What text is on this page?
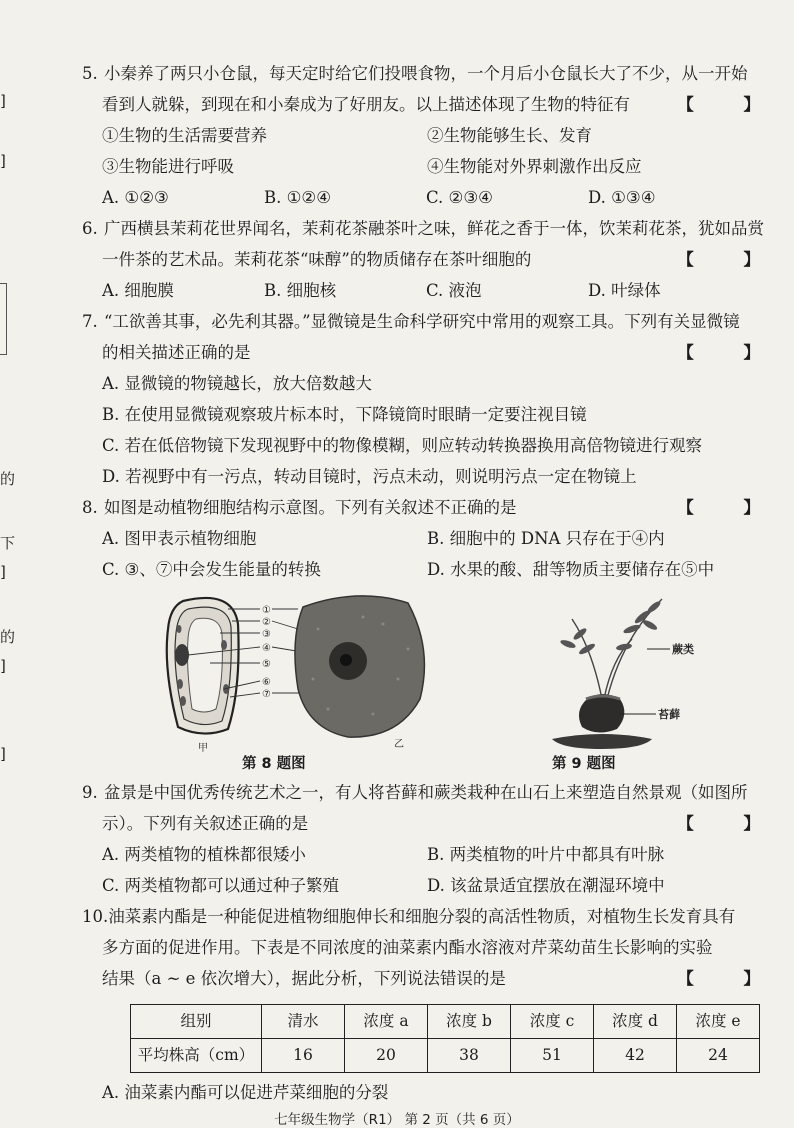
]
]
的
下
]
的
]
]
5. 小秦养了两只小仓鼠，每天定时给它们投喂食物，一个月后小仓鼠长大了不少，从一开始
看到人就躲，到现在和小秦成为了好朋友。以上描述体现了生物的特征有	【 】
①生物的生活需要营养	②生物能够生长、发育
③生物能进行呼吸	④生物能对外界刺激作出反应
A. ①②③	B. ①②④	C. ②③④	D. ①③④
6. 广西横县茉莉花世界闻名，茉莉花茶融茶叶之味，鲜花之香于一体，饮茉莉花茶，犹如品赏
一件茶的艺术品。茉莉花茶“味醇”的物质储存在茶叶细胞的	【 】
A. 细胞膜	B. 细胞核	C. 液泡	D. 叶绿体
7. “工欲善其事，必先利其器。”显微镜是生命科学研究中常用的观察工具。下列有关显微镜
的相关描述正确的是	【 】
A. 显微镜的物镜越长，放大倍数越大
B. 在使用显微镜观察玻片标本时，下降镜筒时眼睛一定要注视目镜
C. 若在低倍物镜下发现视野中的物像模糊，则应转动转换器换用高倍物镜进行观察
D. 若视野中有一污点，转动目镜时，污点未动，则说明污点一定在物镜上
8. 如图是动植物细胞结构示意图。下列有关叙述不正确的是	【 】
A. 图甲表示植物细胞	B. 细胞中的 DNA 只存在于④内
C. ③、⑦中会发生能量的转换	D. 水果的酸、甜等物质主要储存在⑤中
①
②
③
④
⑤
⑥
⑦
甲	乙
蕨类
苔藓
第 8 题图	第 9 题图
9. 盆景是中国优秀传统艺术之一，有人将苔藓和蕨类栽种在山石上来塑造自然景观（如图所
示）。下列有关叙述正确的是	【 】
A. 两类植物的植株都很矮小	B. 两类植物的叶片中都具有叶脉
C. 两类植物都可以通过种子繁殖	D. 该盆景适宜摆放在潮湿环境中
10.油菜素内酯是一种能促进植物细胞伸长和细胞分裂的高活性物质，对植物生长发育具有
多方面的促进作用。下表是不同浓度的油菜素内酯水溶液对芹菜幼苗生长影响的实验
结果（a ~ e 依次增大），据此分析，下列说法错误的是	【 】
组别	清水	浓度 a	浓度 b	浓度 c	浓度 d	浓度 e
平均株高（cm）	16	20	38	51	42	24
A. 油菜素内酯可以促进芹菜细胞的分裂
七年级生物学（R1） 第 2 页（共 6 页）
